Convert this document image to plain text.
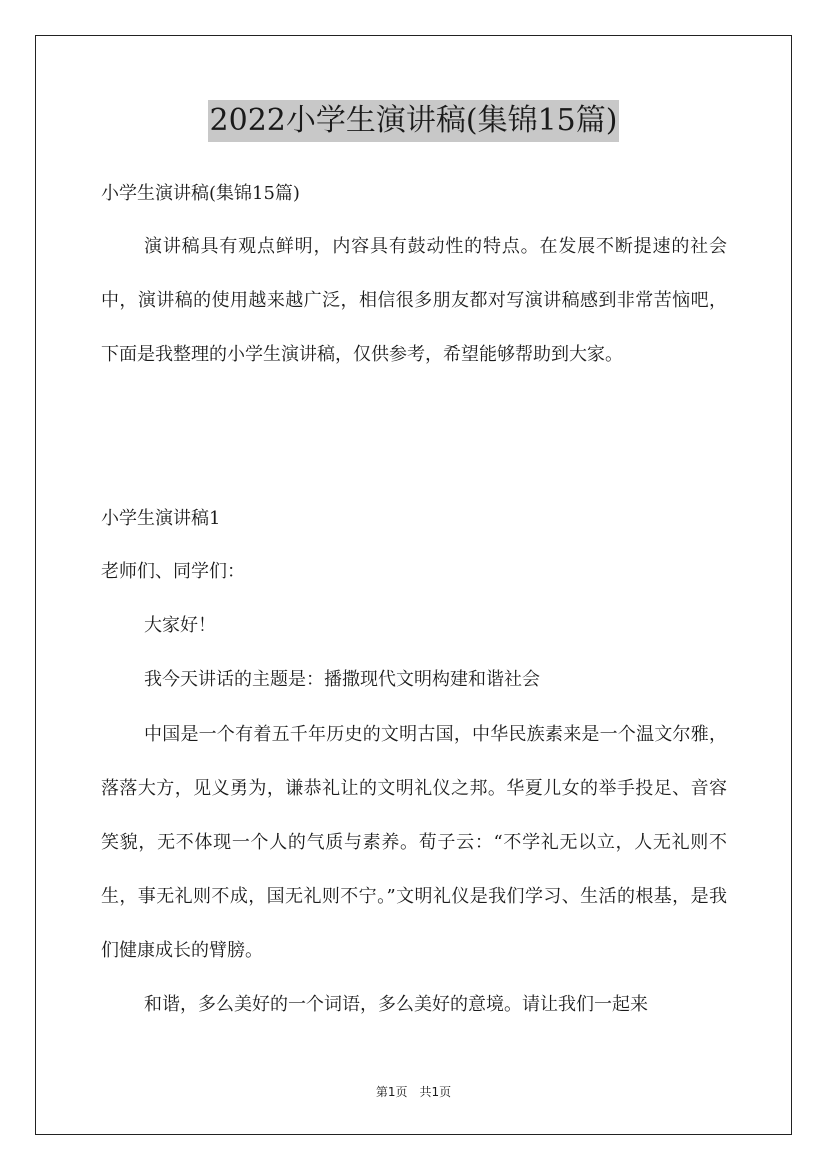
2022小学生演讲稿(集锦15篇)

小学生演讲稿(集锦15篇)

演讲稿具有观点鲜明，内容具有鼓动性的特点。在发展不断提速的社会中，演讲稿的使用越来越广泛，相信很多朋友都对写演讲稿感到非常苦恼吧，下面是我整理的小学生演讲稿，仅供参考，希望能够帮助到大家。

小学生演讲稿1

老师们、同学们：

大家好！

我今天讲话的主题是：播撒现代文明构建和谐社会

中国是一个有着五千年历史的文明古国，中华民族素来是一个温文尔雅，落落大方，见义勇为，谦恭礼让的文明礼仪之邦。华夏儿女的举手投足、音容笑貌，无不体现一个人的气质与素养。荀子云：“不学礼无以立，人无礼则不生，事无礼则不成，国无礼则不宁。”文明礼仪是我们学习、生活的根基，是我们健康成长的臂膀。

和谐，多么美好的一个词语，多么美好的意境。请让我们一起来

第1页　共1页
